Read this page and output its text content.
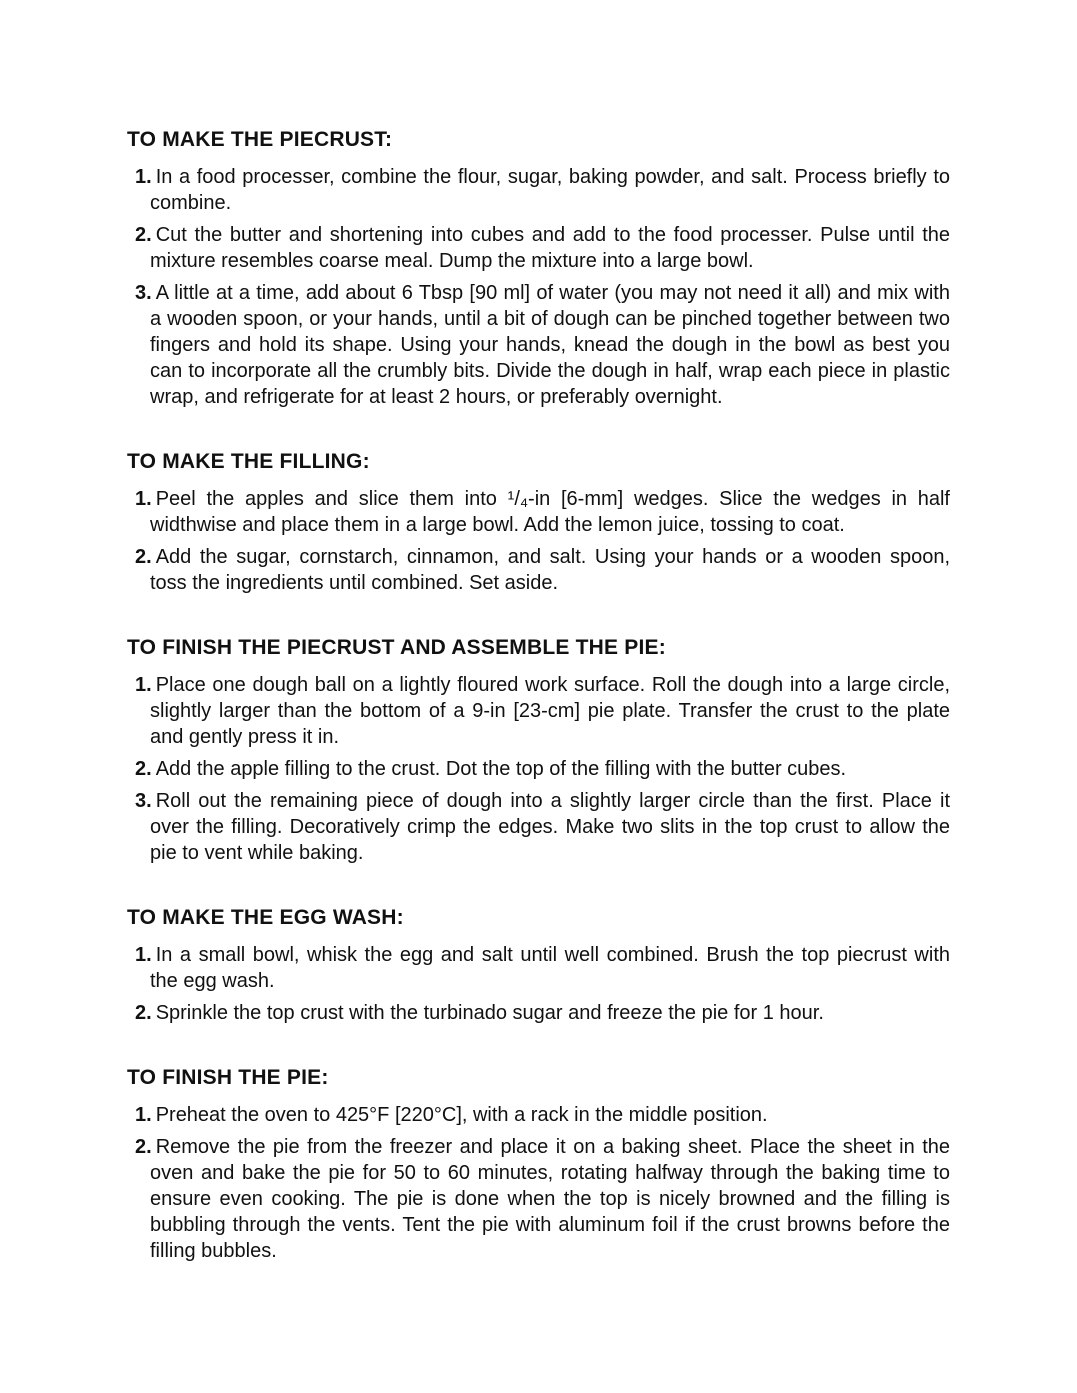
TO MAKE THE PIECRUST:
1. In a food processer, combine the flour, sugar, baking powder, and salt. Process briefly to combine.
2. Cut the butter and shortening into cubes and add to the food processer. Pulse until the mixture resembles coarse meal. Dump the mixture into a large bowl.
3. A little at a time, add about 6 Tbsp [90 ml] of water (you may not need it all) and mix with a wooden spoon, or your hands, until a bit of dough can be pinched together between two fingers and hold its shape. Using your hands, knead the dough in the bowl as best you can to incorporate all the crumbly bits. Divide the dough in half, wrap each piece in plastic wrap, and refrigerate for at least 2 hours, or preferably overnight.
TO MAKE THE FILLING:
1. Peel the apples and slice them into ¹/₄-in [6-mm] wedges. Slice the wedges in half widthwise and place them in a large bowl. Add the lemon juice, tossing to coat.
2. Add the sugar, cornstarch, cinnamon, and salt. Using your hands or a wooden spoon, toss the ingredients until combined. Set aside.
TO FINISH THE PIECRUST AND ASSEMBLE THE PIE:
1. Place one dough ball on a lightly floured work surface. Roll the dough into a large circle, slightly larger than the bottom of a 9-in [23-cm] pie plate. Transfer the crust to the plate and gently press it in.
2. Add the apple filling to the crust. Dot the top of the filling with the butter cubes.
3. Roll out the remaining piece of dough into a slightly larger circle than the first. Place it over the filling. Decoratively crimp the edges. Make two slits in the top crust to allow the pie to vent while baking.
TO MAKE THE EGG WASH:
1. In a small bowl, whisk the egg and salt until well combined. Brush the top piecrust with the egg wash.
2. Sprinkle the top crust with the turbinado sugar and freeze the pie for 1 hour.
TO FINISH THE PIE:
1. Preheat the oven to 425°F [220°C], with a rack in the middle position.
2. Remove the pie from the freezer and place it on a baking sheet. Place the sheet in the oven and bake the pie for 50 to 60 minutes, rotating halfway through the baking time to ensure even cooking. The pie is done when the top is nicely browned and the filling is bubbling through the vents. Tent the pie with aluminum foil if the crust browns before the filling bubbles.
